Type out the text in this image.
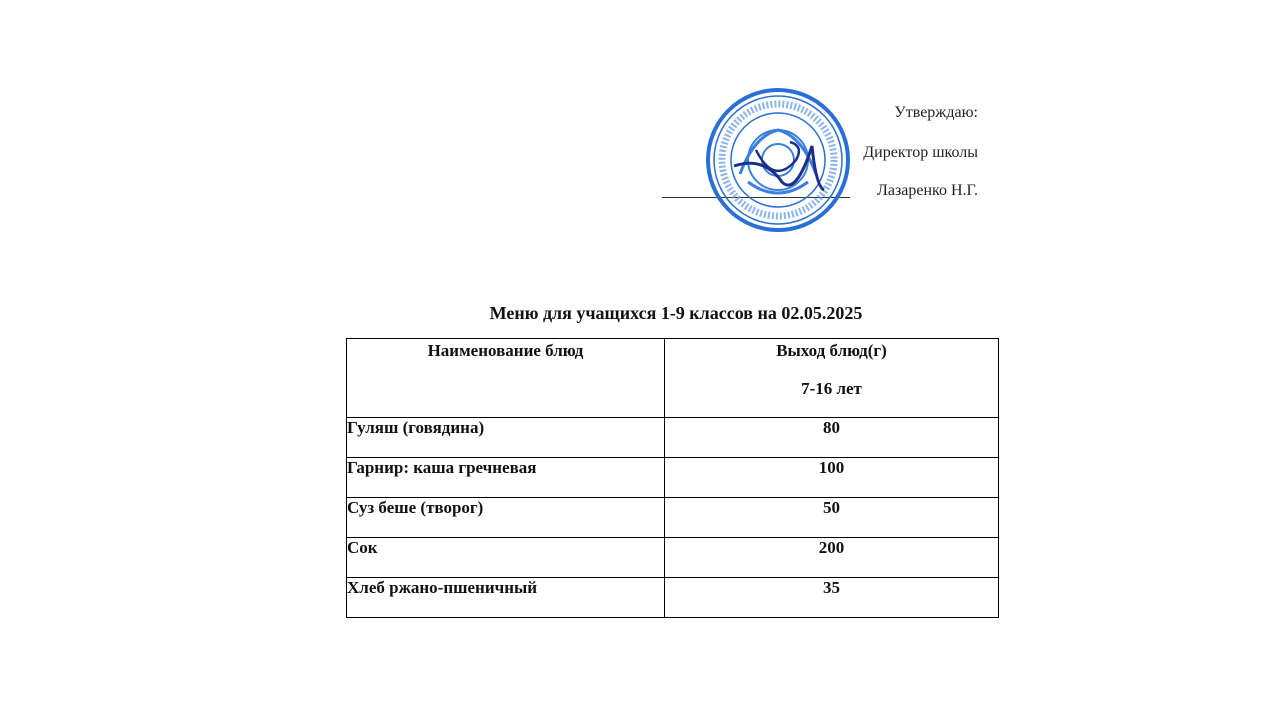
Утверждаю:
Директор школы
Лазаренко Н.Г.
Меню для учащихся 1-9 классов на 02.05.2025
Наименование блюд	Выход блюд(г)
7-16 лет

Гуляш (говядина)	80
Гарнир: каша гречневая	100
Суз беше (творог)	50
Сок	200
Хлеб ржано-пшеничный	35
